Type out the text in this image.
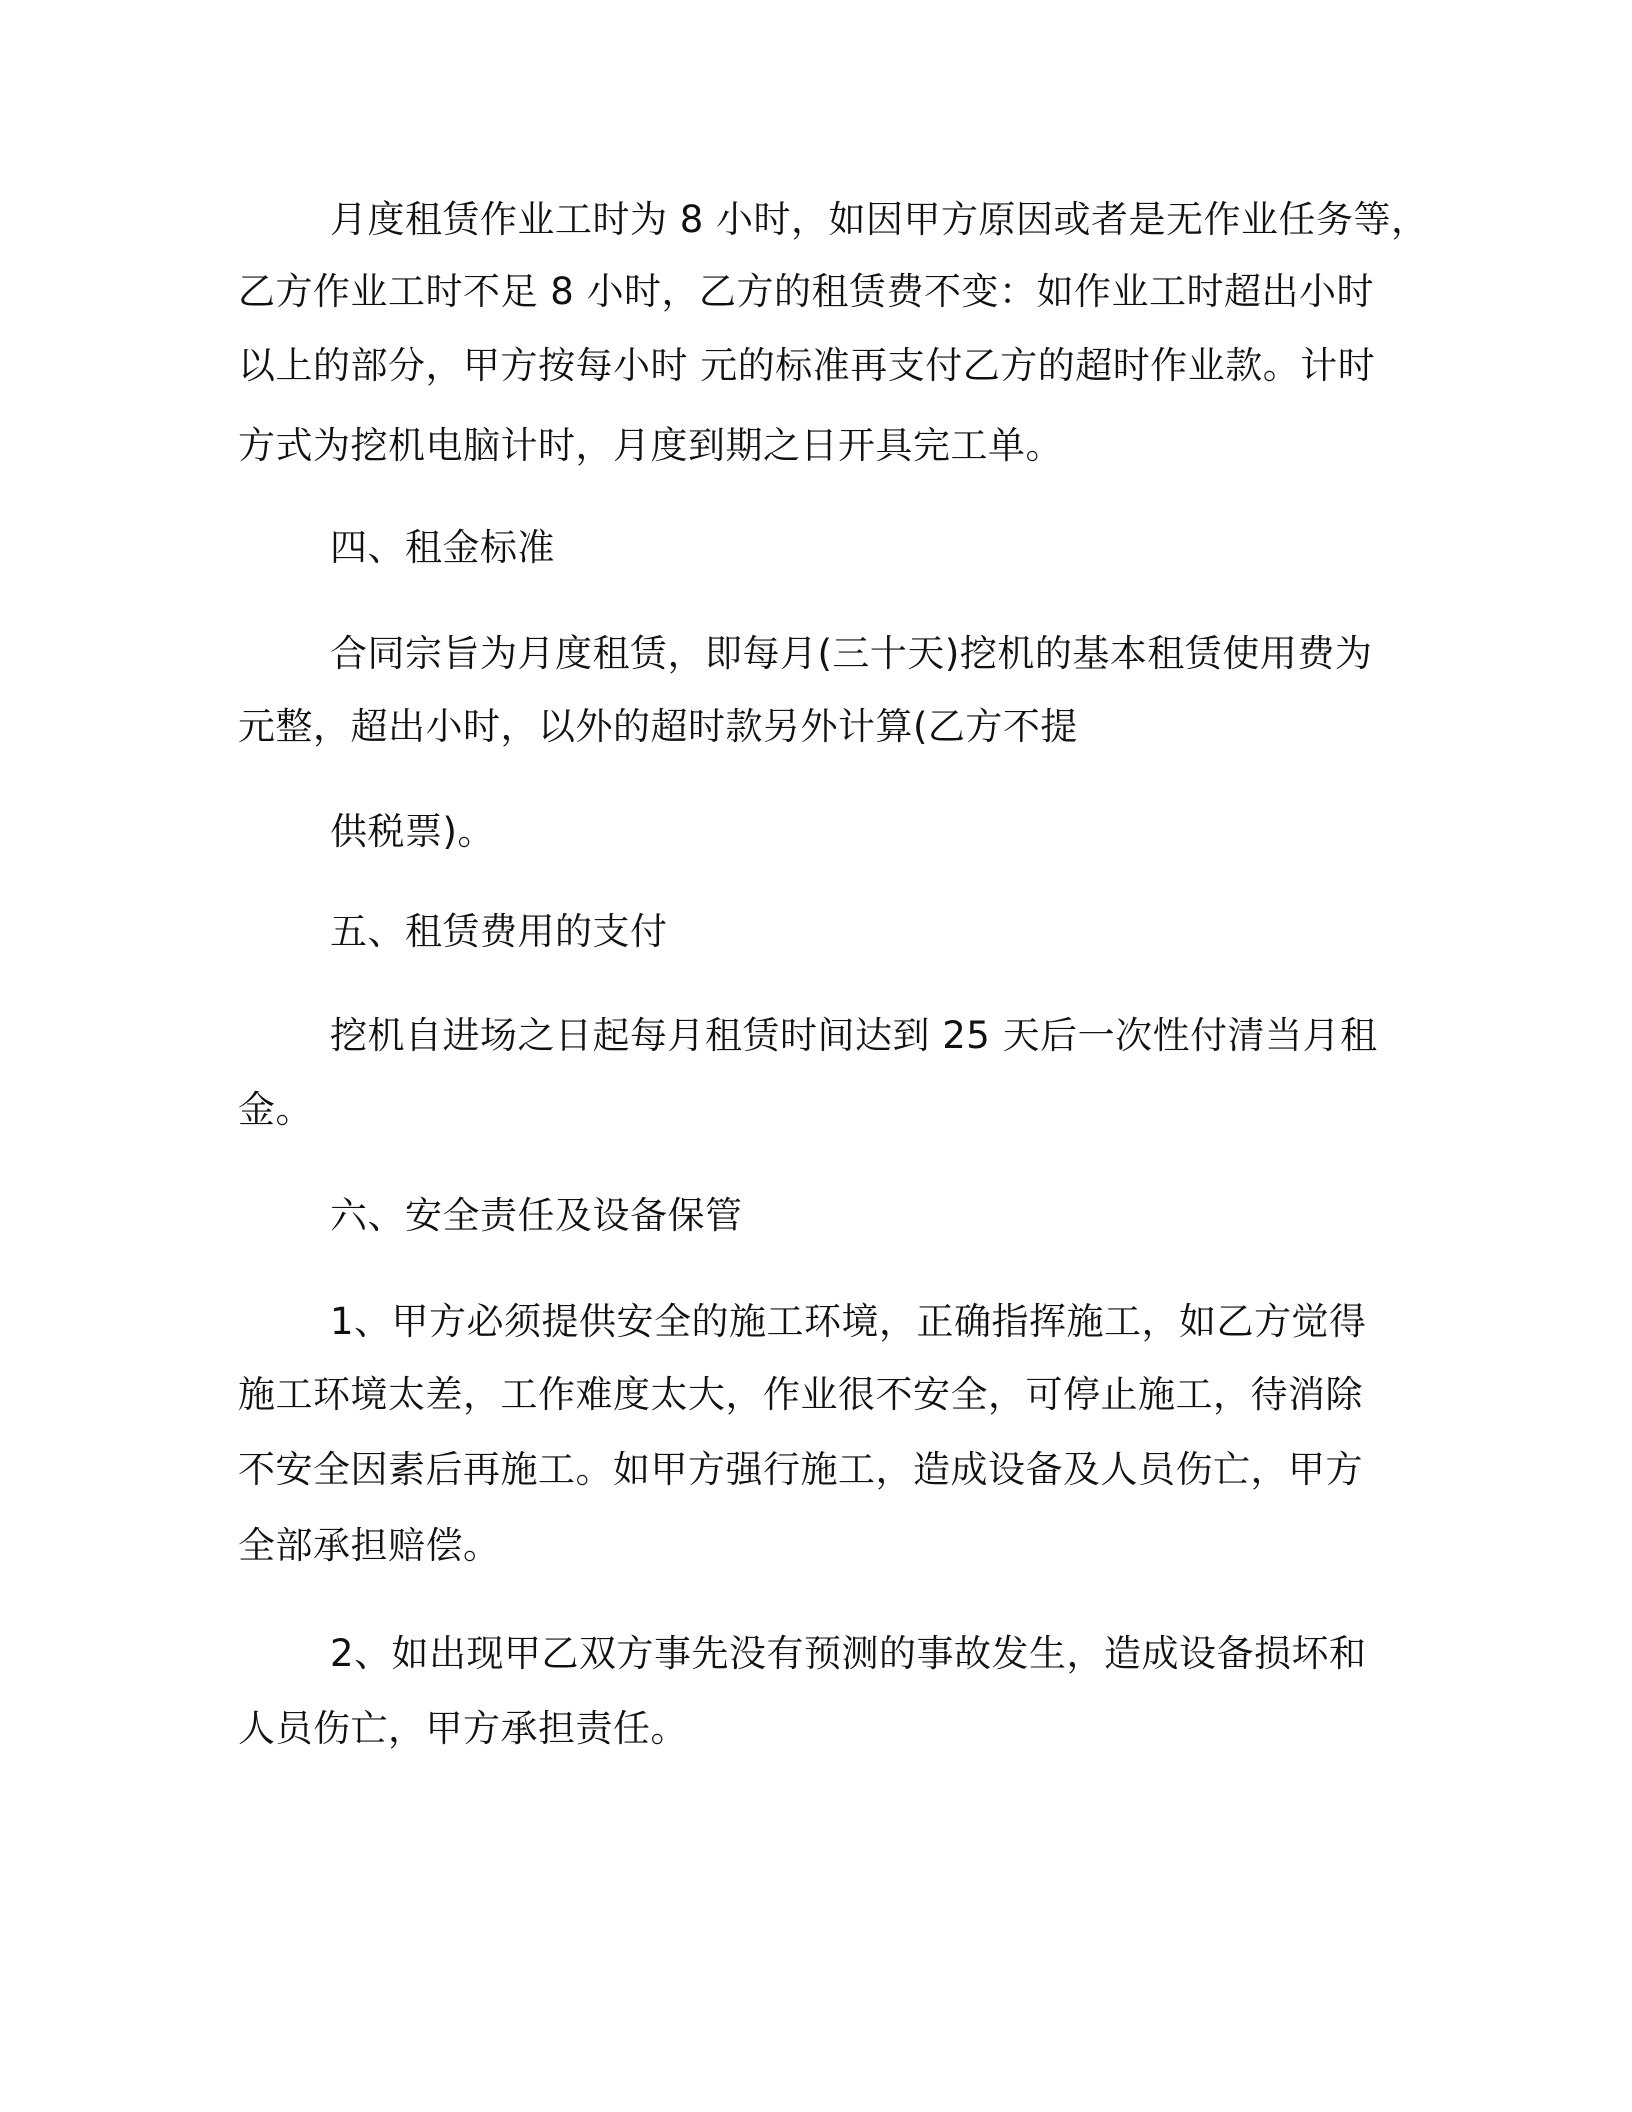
月度租赁作业工时为 8 小时，如因甲方原因或者是无作业任务等，
乙方作业工时不足 8 小时，乙方的租赁费不变：如作业工时超出小时
以上的部分，甲方按每小时 元的标准再支付乙方的超时作业款。计时
方式为挖机电脑计时，月度到期之日开具完工单。
四、租金标准
合同宗旨为月度租赁，即每月(三十天)挖机的基本租赁使用费为
元整，超出小时，以外的超时款另外计算(乙方不提
供税票)。
五、租赁费用的支付
挖机自进场之日起每月租赁时间达到 25 天后一次性付清当月租
金。
六、安全责任及设备保管
1、甲方必须提供安全的施工环境，正确指挥施工，如乙方觉得
施工环境太差，工作难度太大，作业很不安全，可停止施工，待消除
不安全因素后再施工。如甲方强行施工，造成设备及人员伤亡，甲方
全部承担赔偿。
2、如出现甲乙双方事先没有预测的事故发生，造成设备损坏和
人员伤亡，甲方承担责任。
